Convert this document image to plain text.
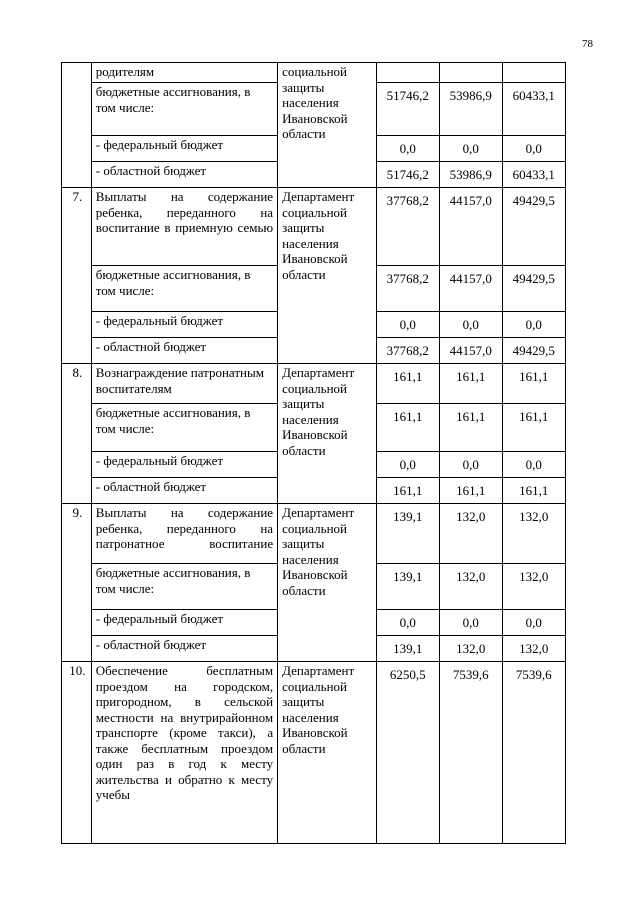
78
	родителям	социальной защиты населения Ивановской области			
	бюджетные ассигнования, в том числе:		51746,2	53986,9	60433,1
	- федеральный бюджет		0,0	0,0	0,0
	- областной бюджет		51746,2	53986,9	60433,1
7.	Выплаты на содержание ребенка, переданного на воспитание в приемную семью	Департамент социальной защиты населения Ивановской области	37768,2	44157,0	49429,5
	бюджетные ассигнования, в том числе:		37768,2	44157,0	49429,5
	- федеральный бюджет		0,0	0,0	0,0
	- областной бюджет		37768,2	44157,0	49429,5
8.	Вознаграждение патронатным воспитателям	Департамент социальной защиты населения Ивановской области	161,1	161,1	161,1
	бюджетные ассигнования, в том числе:		161,1	161,1	161,1
	- федеральный бюджет		0,0	0,0	0,0
	- областной бюджет		161,1	161,1	161,1
9.	Выплаты на содержание ребенка, переданного на патронатное воспитание	Департамент социальной защиты населения Ивановской области	139,1	132,0	132,0
	бюджетные ассигнования, в том числе:		139,1	132,0	132,0
	- федеральный бюджет		0,0	0,0	0,0
	- областной бюджет		139,1	132,0	132,0
10.	Обеспечение бесплатным проездом на городском, пригородном, в сельской местности на внутрирайонном транспорте (кроме такси), а также бесплатным проездом один раз в год к месту жительства и обратно к месту учебы	Департамент социальной защиты населения Ивановской области	6250,5	7539,6	7539,6
